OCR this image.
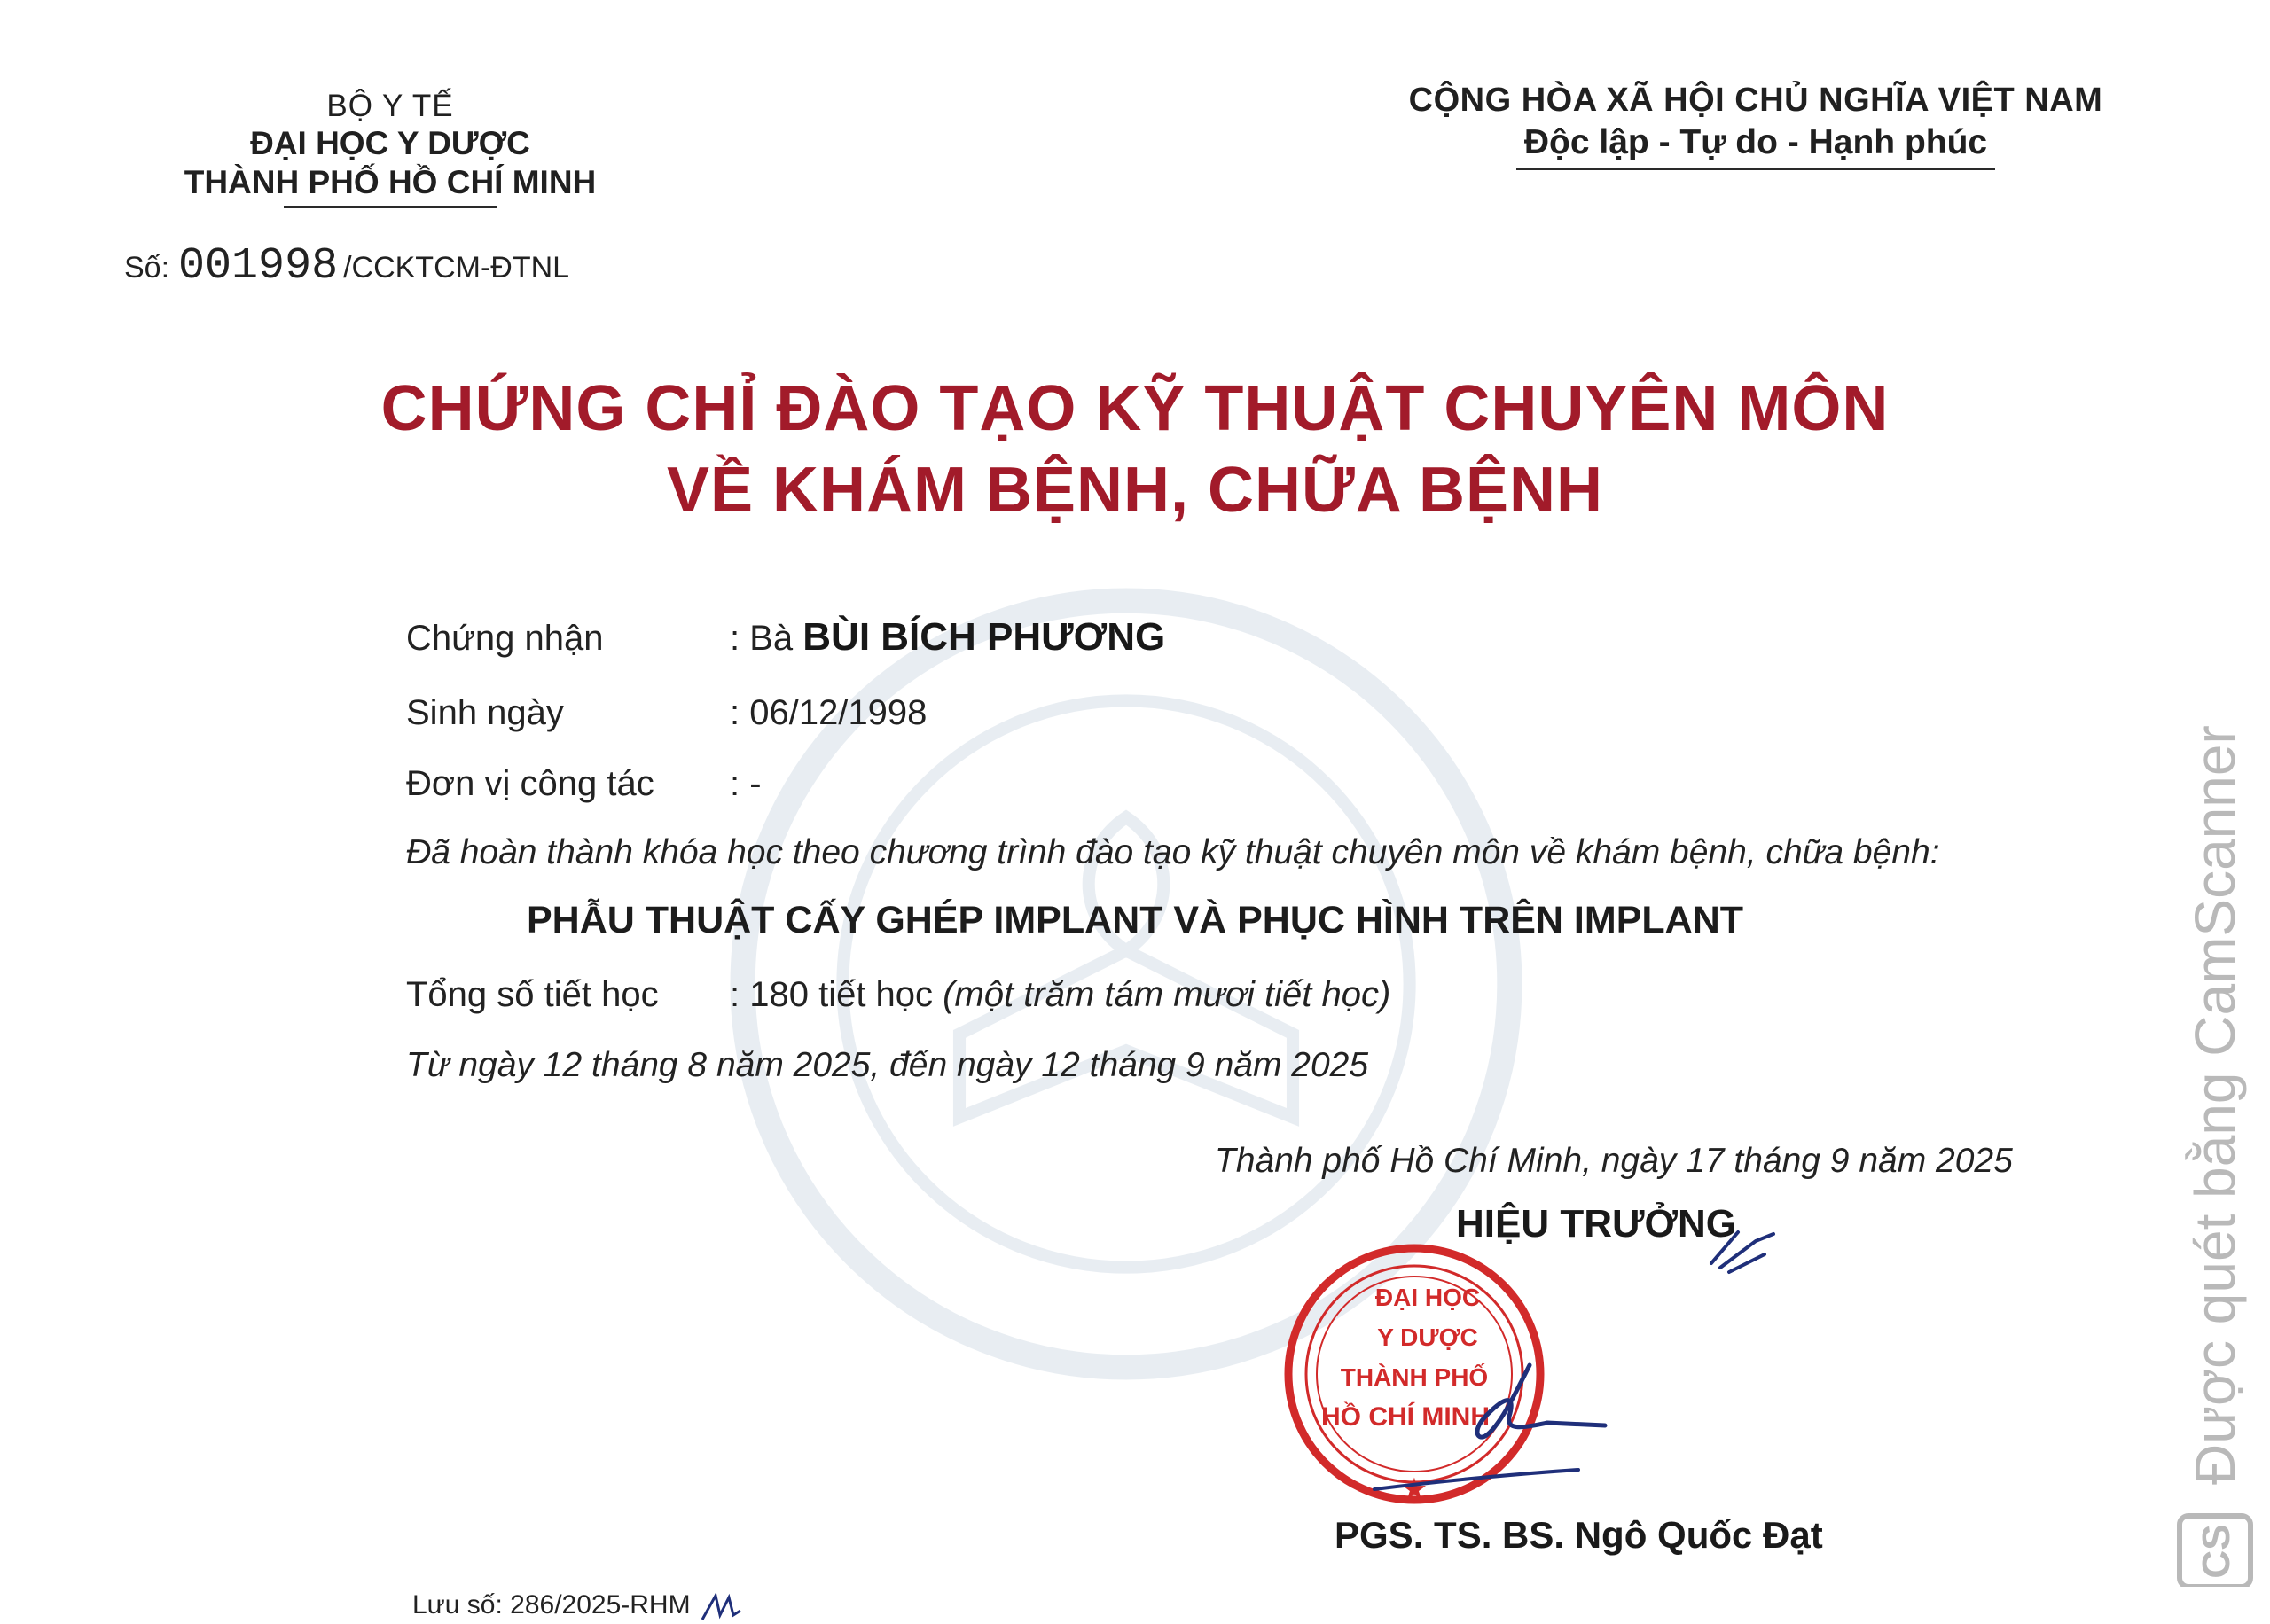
BỘ Y TẾ
ĐẠI HỌC Y DƯỢC
THÀNH PHỐ HỒ CHÍ MINH
Số: 001998 /CCKTCM-ĐTNL
CỘNG HÒA XÃ HỘI CHỦ NGHĨA VIỆT NAM
Độc lập - Tự do - Hạnh phúc
CHỨNG CHỈ ĐÀO TẠO KỸ THUẬT CHUYÊN MÔN
VỀ KHÁM BỆNH, CHỮA BỆNH
Chứng nhận	: Bà BÙI BÍCH PHƯƠNG
Sinh ngày	: 06/12/1998
Đơn vị công tác : -
Đã hoàn thành khóa học theo chương trình đào tạo kỹ thuật chuyên môn về khám bệnh, chữa bệnh:
PHẪU THUẬT CẤY GHÉP IMPLANT VÀ PHỤC HÌNH TRÊN IMPLANT
Tổng số tiết học : 180 tiết học (một trăm tám mươi tiết học)
Từ ngày 12 tháng 8 năm 2025, đến ngày 12 tháng 9 năm 2025
Thành phố Hồ Chí Minh, ngày 17 tháng 9 năm 2025
ĐẠI HỌC
Y DƯỢC
THÀNH PHỐ
HỒ CHÍ MINH
★
HIỆU TRƯỞNG
PGS. TS. BS. Ngô Quốc Đạt
Lưu số: 286/2025-RHM
CS
Được quét bằng CamScanner
